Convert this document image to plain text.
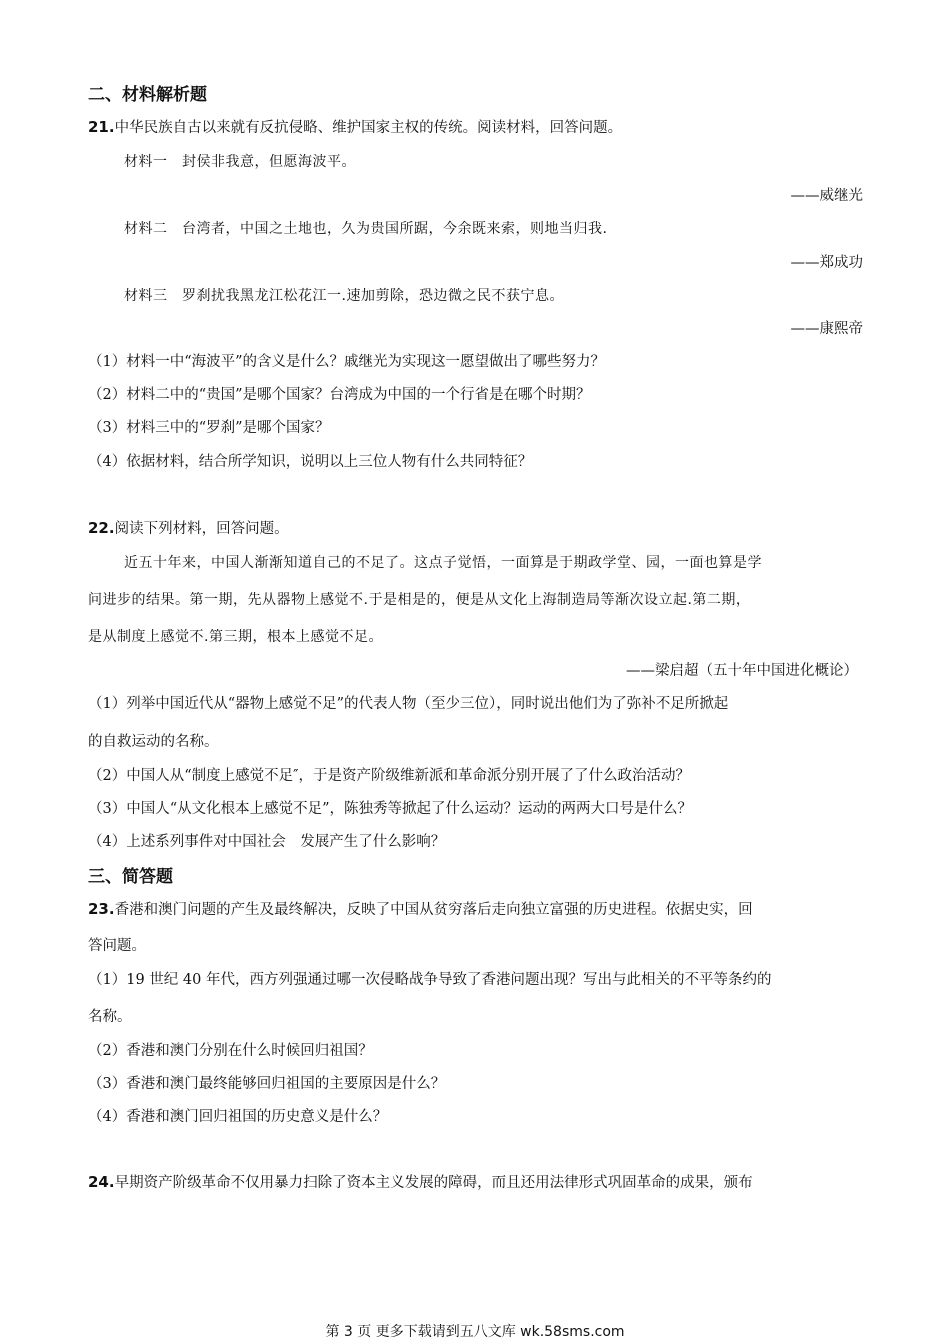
二、材料解析题
21.中华民族自古以来就有反抗侵略、维护国家主权的传统。阅读材料，回答问题。
材料一　封侯非我意，但愿海波平。
——威继光
材料二　台湾者，中国之土地也，久为贵国所踞，今余既来索，则地当归我.
——郑成功
材料三　罗刹扰我黑龙江松花江一.速加剪除，恐边微之民不获宁息。
——康熙帝
（1）材料一中“海波平”的含义是什么？戚继光为实现这一愿望做出了哪些努力？
（2）材料二中的“贵国”是哪个国家？台湾成为中国的一个行省是在哪个时期？
（3）材料三中的“罗刹”是哪个国家？
（4）依据材料，结合所学知识，说明以上三位人物有什么共同特征？
22.阅读下列材料，回答问题。
近五十年来，中国人渐渐知道自己的不足了。这点子觉悟，一面算是于期政学堂、园，一面也算是学
问进步的结果。第一期，先从器物上感觉不.于是相是的，便是从文化上海制造局等渐次设立起.第二期，
是从制度上感觉不.第三期，根本上感觉不足。
——梁启超（五十年中国进化概论）
（1）列举中国近代从“器物上感觉不足”的代表人物（至少三位），同时说出他们为了弥补不足所掀起
的自救运动的名称。
（2）中国人从“制度上感觉不足″，于是资产阶级维新派和革命派分别开展了了什么政治活动？
（3）中国人“从文化根本上感觉不足”，陈独秀等掀起了什么运动？运动的两两大口号是什么？
（4）上述系列事件对中国社会　发展产生了什么影响？
三、简答题
23.香港和澳门问题的产生及最终解决，反映了中国从贫穷落后走向独立富强的历史进程。依据史实，回
答问题。
（1）19 世纪 40 年代，西方列强通过哪一次侵略战争导致了香港问题出现？写出与此相关的不平等条约的
名称。
（2）香港和澳门分别在什么时候回归祖国？
（3）香港和澳门最终能够回归祖国的主要原因是什么？
（4）香港和澳门回归祖国的历史意义是什么？
24.早期资产阶级革命不仅用暴力扫除了资本主义发展的障碍，而且还用法律形式巩固革命的成果，颁布
第 3 页 更多下载请到五八文库 wk.58sms.com
